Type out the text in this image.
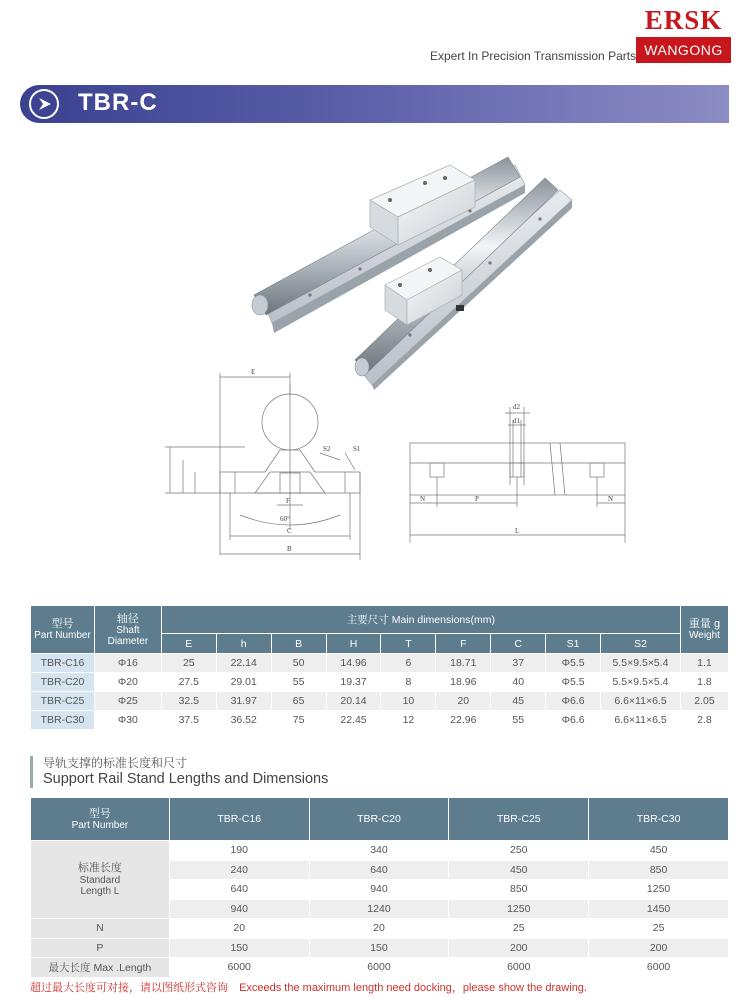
ERSK
WANGONG
Expert In Precision Transmission Parts
TBR-C
E
S2	S1
F
60°
C
B
d2
d1
N	P	N
L
型号
Part Number	轴径
Shaft
Diameter	主要尺寸 Main dimensions(mm)									重量 g
Weight

		E	h	B	H	T	F	C	S1	S2	
TBR-C16	Φ16	25	22.14	50	14.96	6	18.71	37	Φ5.5	5.5×9.5×5.4	1.1
TBR-C20	Φ20	27.5	29.01	55	19.37	8	18.96	40	Φ5.5	5.5×9.5×5.4	1.8
TBR-C25	Φ25	32.5	31.97	65	20.14	10	20	45	Φ6.6	6.6×11×6.5	2.05
TBR-C30	Φ30	37.5	36.52	75	22.45	12	22.96	55	Φ6.6	6.6×11×6.5	2.8
导轨支撑的标准长度和尺寸
Support Rail Stand Lengths and Dimensions
型号
Part Number	TBR-C16	TBR-C20	TBR-C25	TBR-C30

标准长度
Standard
Length L	190	340	250	450
	240	640	450	850
	640	940	850	1250
	940	1240	1250	1450
N	20	20	25	25
P	150	150	200	200
最大长度 Max .Length	6000	6000	6000	6000
超过最大长度可对接，请以图纸形式咨询 Exceeds the maximum length need docking，please show the drawing.
